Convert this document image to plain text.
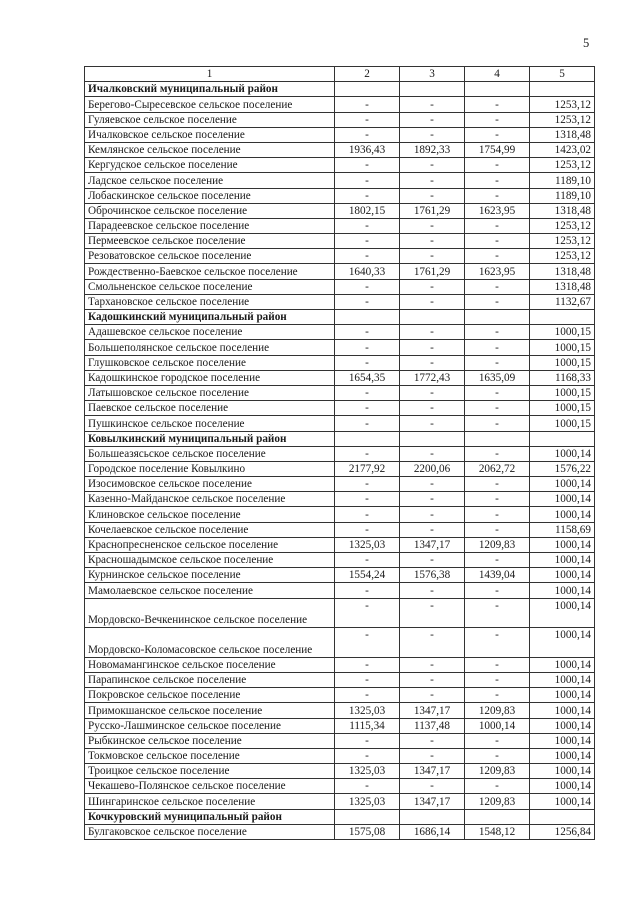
5
1	2	3	4	5
Ичалковский муниципальный район				
Берегово-Сыресевское сельское поселение	-	-	-	1253,12
Гуляевское сельское поселение	-	-	-	1253,12
Ичалковское сельское поселение	-	-	-	1318,48
Кемлянское сельское поселение	1936,43	1892,33	1754,99	1423,02
Кергудское сельское поселение	-	-	-	1253,12
Ладское сельское поселение	-	-	-	1189,10
Лобаскинское сельское поселение	-	-	-	1189,10
Оброчинское сельское поселение	1802,15	1761,29	1623,95	1318,48
Парадеевское сельское поселение	-	-	-	1253,12
Пермеевское сельское поселение	-	-	-	1253,12
Резоватовское сельское поселение	-	-	-	1253,12
Рождественно-Баевское сельское поселение	1640,33	1761,29	1623,95	1318,48
Смольненское сельское поселение	-	-	-	1318,48
Тархановское сельское поселение	-	-	-	1132,67
Кадошкинский муниципальный район				
Адашевское сельское поселение	-	-	-	1000,15
Большеполянское сельское поселение	-	-	-	1000,15
Глушковское сельское поселение	-	-	-	1000,15
Кадошкинское городское поселение	1654,35	1772,43	1635,09	1168,33
Латышовское сельское поселение	-	-	-	1000,15
Паевское сельское поселение	-	-	-	1000,15
Пушкинское сельское поселение	-	-	-	1000,15
Ковылкинский муниципальный район				
Большеазясьское сельское поселение	-	-	-	1000,14
Городское поселение Ковылкино	2177,92	2200,06	2062,72	1576,22
Изосимовское сельское поселение	-	-	-	1000,14
Казенно-Майданское сельское поселение	-	-	-	1000,14
Клиновское сельское поселение	-	-	-	1000,14
Кочелаевское сельское поселение	-	-	-	1158,69
Краснопресненское сельское поселение	1325,03	1347,17	1209,83	1000,14
Красношадымское сельское поселение	-	-	-	1000,14
Курнинское сельское поселение	1554,24	1576,38	1439,04	1000,14
Мамолаевское сельское поселение	-	-	-	1000,14
Мордовско-Вечкенинское сельское поселение	-	-	-	1000,14
Мордовско-Коломасовское сельское поселение	-	-	-	1000,14
Новомамангинское сельское поселение	-	-	-	1000,14
Парапинское сельское поселение	-	-	-	1000,14
Покровское сельское поселение	-	-	-	1000,14
Примокшанское сельское поселение	1325,03	1347,17	1209,83	1000,14
Русско-Лашминское сельское поселение	1115,34	1137,48	1000,14	1000,14
Рыбкинское сельское поселение	-	-	-	1000,14
Токмовское сельское поселение	-	-	-	1000,14
Троицкое сельское поселение	1325,03	1347,17	1209,83	1000,14
Чекашево-Полянское сельское поселение	-	-	-	1000,14
Шингаринское сельское поселение	1325,03	1347,17	1209,83	1000,14
Кочкуровский муниципальный район				
Булгаковское сельское поселение	1575,08	1686,14	1548,12	1256,84
